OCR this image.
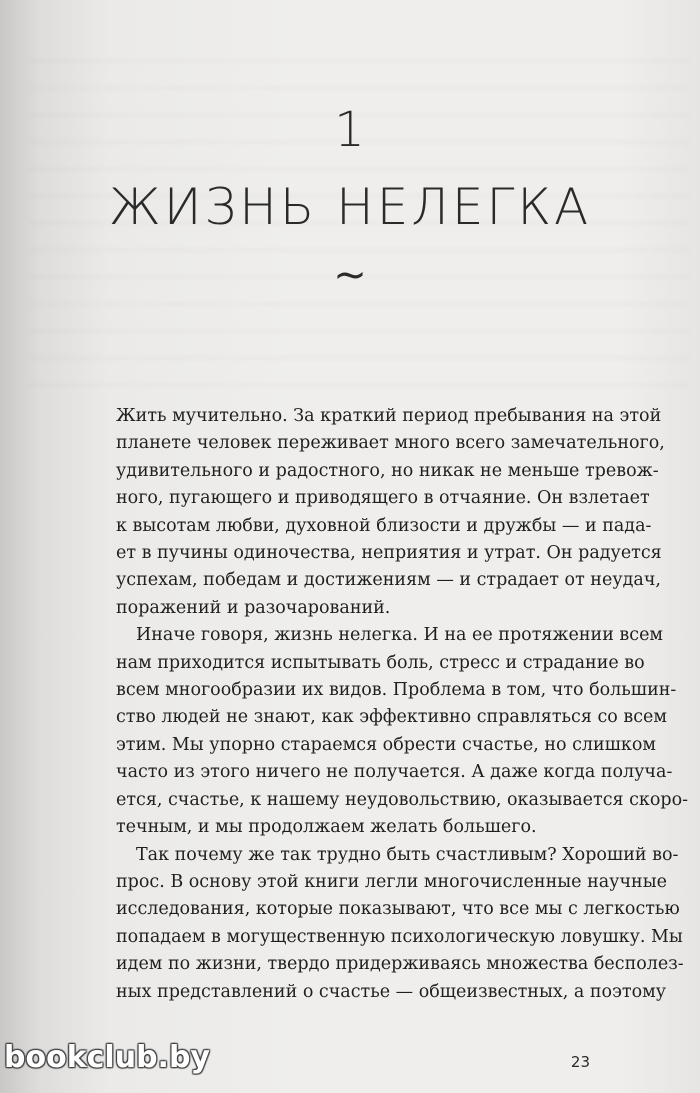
1
ЖИЗНЬ НЕЛЕГКА
~
Жить мучительно. За краткий период пребывания на этой
планете человек переживает много всего замечательного,
удивительного и радостного, но никак не меньше тревож-
ного, пугающего и приводящего в отчаяние. Он взлетает
к высотам любви, духовной близости и дружбы — и пада-
ет в пучины одиночества, неприятия и утрат. Он радуется
успехам, победам и достижениям — и страдает от неудач,
поражений и разочарований.
Иначе говоря, жизнь нелегка. И на ее протяжении всем
нам приходится испытывать боль, стресс и страдание во
всем многообразии их видов. Проблема в том, что большин-
ство людей не знают, как эффективно справляться со всем
этим. Мы упорно стараемся обрести счастье, но слишком
часто из этого ничего не получается. А даже когда получа-
ется, счастье, к нашему неудовольствию, оказывается скоро-
течным, и мы продолжаем желать большего.
Так почему же так трудно быть счастливым? Хороший во-
прос. В основу этой книги легли многочисленные научные
исследования, которые показывают, что все мы с легкостью
попадаем в могущественную психологическую ловушку. Мы
идем по жизни, твердо придерживаясь множества бесполез-
ных представлений о счастье — общеизвестных, а поэтому
23
bookclub.by
